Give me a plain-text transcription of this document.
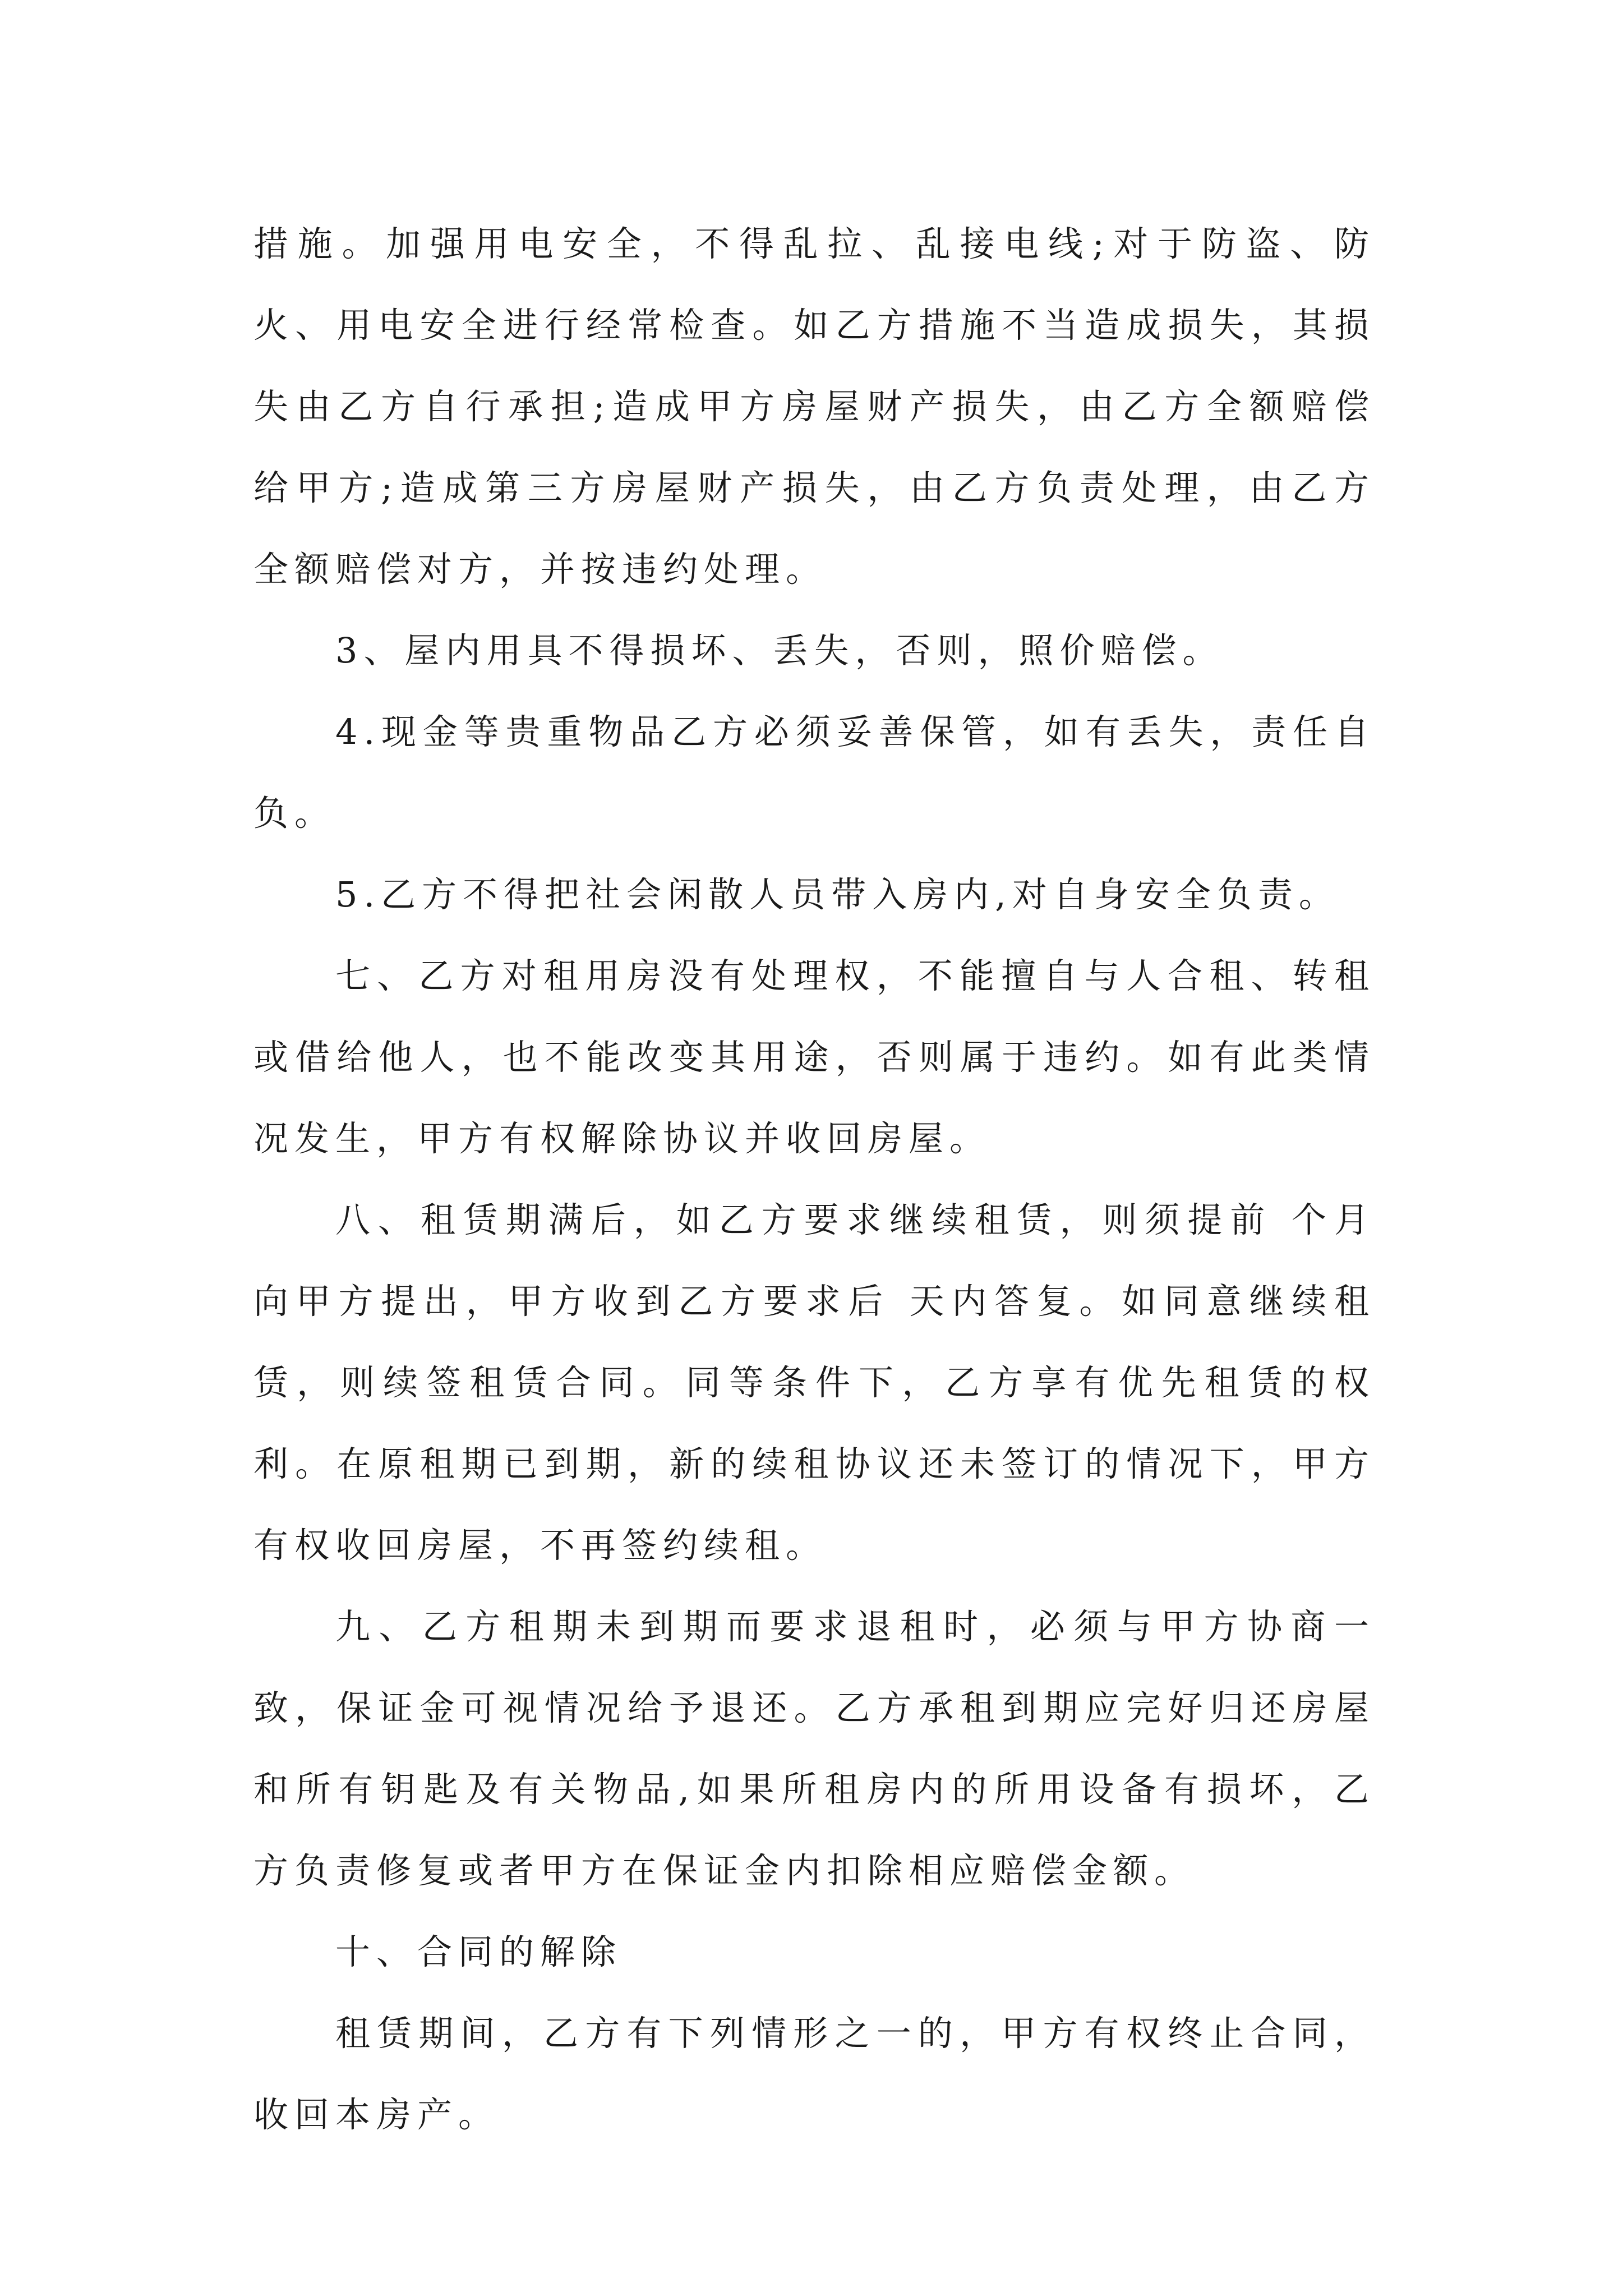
措施。加强用电安全，不得乱拉、乱接电线;对于防盗、防火、用电安全进行经常检查。如乙方措施不当造成损失，其损失由乙方自行承担;造成甲方房屋财产损失，由乙方全额赔偿给甲方;造成第三方房屋财产损失，由乙方负责处理，由乙方全额赔偿对方，并按违约处理。

3、屋内用具不得损坏、丢失，否则，照价赔偿。

4.现金等贵重物品乙方必须妥善保管，如有丢失，责任自负。

5.乙方不得把社会闲散人员带入房内,对自身安全负责。

七、乙方对租用房没有处理权，不能擅自与人合租、转租或借给他人，也不能改变其用途，否则属于违约。如有此类情况发生，甲方有权解除协议并收回房屋。

八、租赁期满后，如乙方要求继续租赁，则须提前 个月向甲方提出，甲方收到乙方要求后 天内答复。如同意继续租赁，则续签租赁合同。同等条件下，乙方享有优先租赁的权利。在原租期已到期，新的续租协议还未签订的情况下，甲方有权收回房屋，不再签约续租。

九、乙方租期未到期而要求退租时，必须与甲方协商一致，保证金可视情况给予退还。乙方承租到期应完好归还房屋和所有钥匙及有关物品,如果所租房内的所用设备有损坏，乙方负责修复或者甲方在保证金内扣除相应赔偿金额。

十、合同的解除

租赁期间，乙方有下列情形之一的，甲方有权终止合同，收回本房产。
